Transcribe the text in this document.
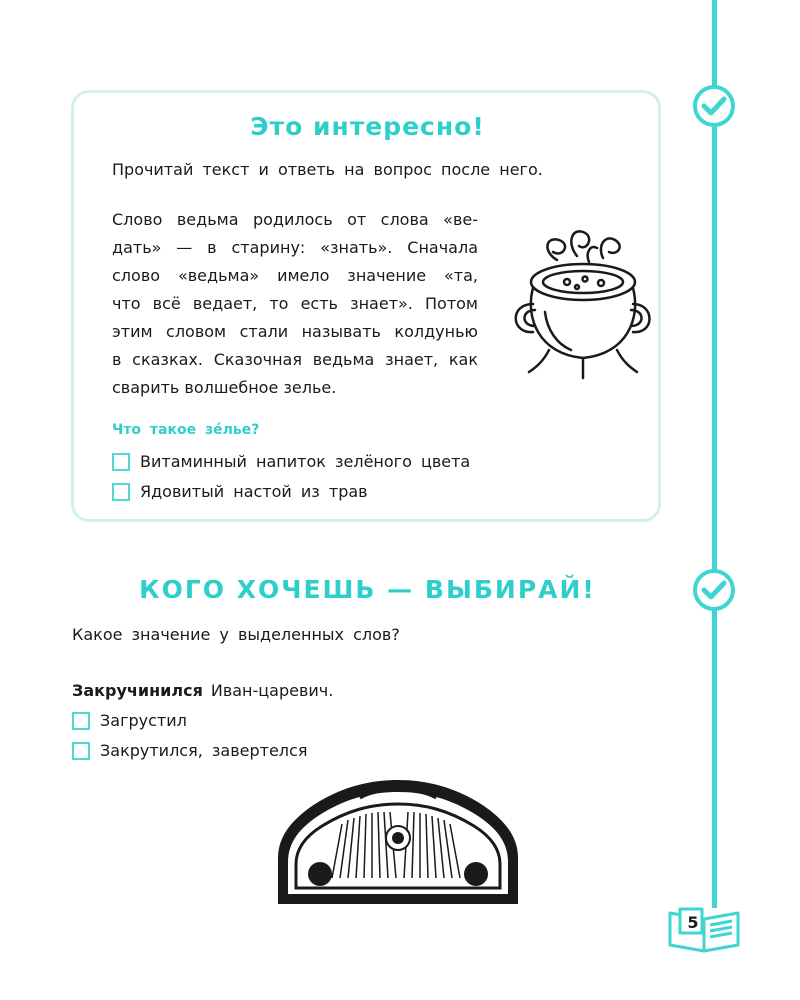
Это интересно!
Прочитай текст и ответь на вопрос после него.

Слово ведьма родилось от слова «ве-
дать» — в старину: «знать». Сначала
слово «ведьма» имело значение «та,
что всё ведает, то есть знает». Потом
этим словом стали называть колдунью
в сказках. Сказочная ведьма знает, как
сварить волшебное зелье.

Что такое зе́лье?
Витаминный напиток зелёного цвета
Ядовитый настой из трав
КОГО ХОЧЕШЬ — ВЫБИРАЙ!
Какое значение у выделенных слов?
Закручинился Иван-царевич.
Загрустил
Закрутился, завертелся
5
